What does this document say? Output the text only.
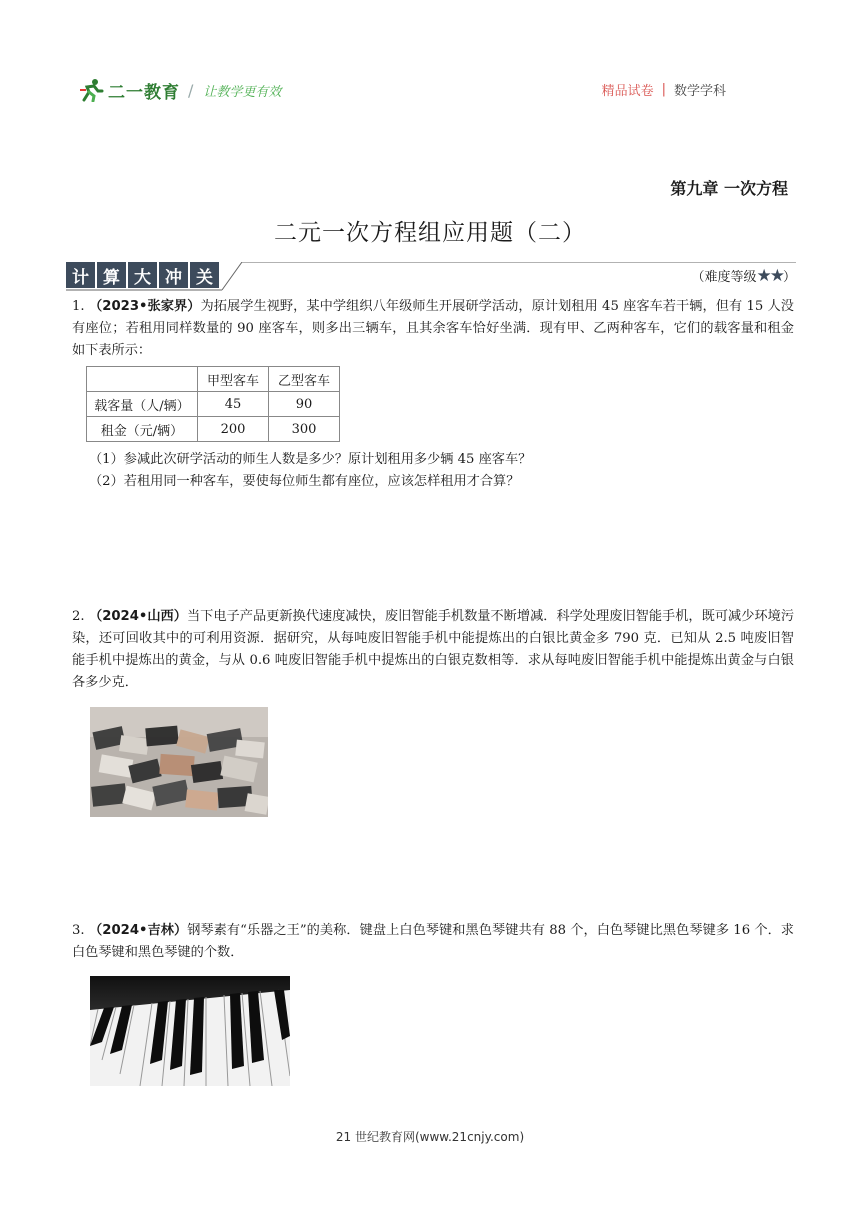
二一教育 / 让教学更有效	精品试卷 | 数学学科
第九章 一次方程
二元一次方程组应用题（二）
计 算 大 冲 关	（难度等级★★）
1. （2023•张家界）为拓展学生视野，某中学组织八年级师生开展研学活动，原计划租用 45 座客车若干辆，但有 15 人没有座位；若租用同样数量的 90 座客车，则多出三辆车，且其余客车恰好坐满．现有甲、乙两种客车，它们的载客量和租金如下表所示：
	甲型客车	乙型客车
载客量（人/辆）	45	90
租金（元/辆）	200	300
（1）参减此次研学活动的师生人数是多少？原计划租用多少辆 45 座客车？
（2）若租用同一种客车，要使每位师生都有座位，应该怎样租用才合算？
2. （2024•山西）当下电子产品更新换代速度减快，废旧智能手机数量不断增减．科学处理废旧智能手机，既可减少环境污染，还可回收其中的可利用资源．据研究，从每吨废旧智能手机中能提炼出的白银比黄金多 790 克．已知从 2.5 吨废旧智能手机中提炼出的黄金，与从 0.6 吨废旧智能手机中提炼出的白银克数相等．求从每吨废旧智能手机中能提炼出黄金与白银各多少克．
3. （2024•吉林）钢琴素有“乐器之王”的美称．键盘上白色琴键和黑色琴键共有 88 个，白色琴键比黑色琴键多 16 个．求白色琴键和黑色琴键的个数．
21 世纪教育网(www.21cnjy.com)
